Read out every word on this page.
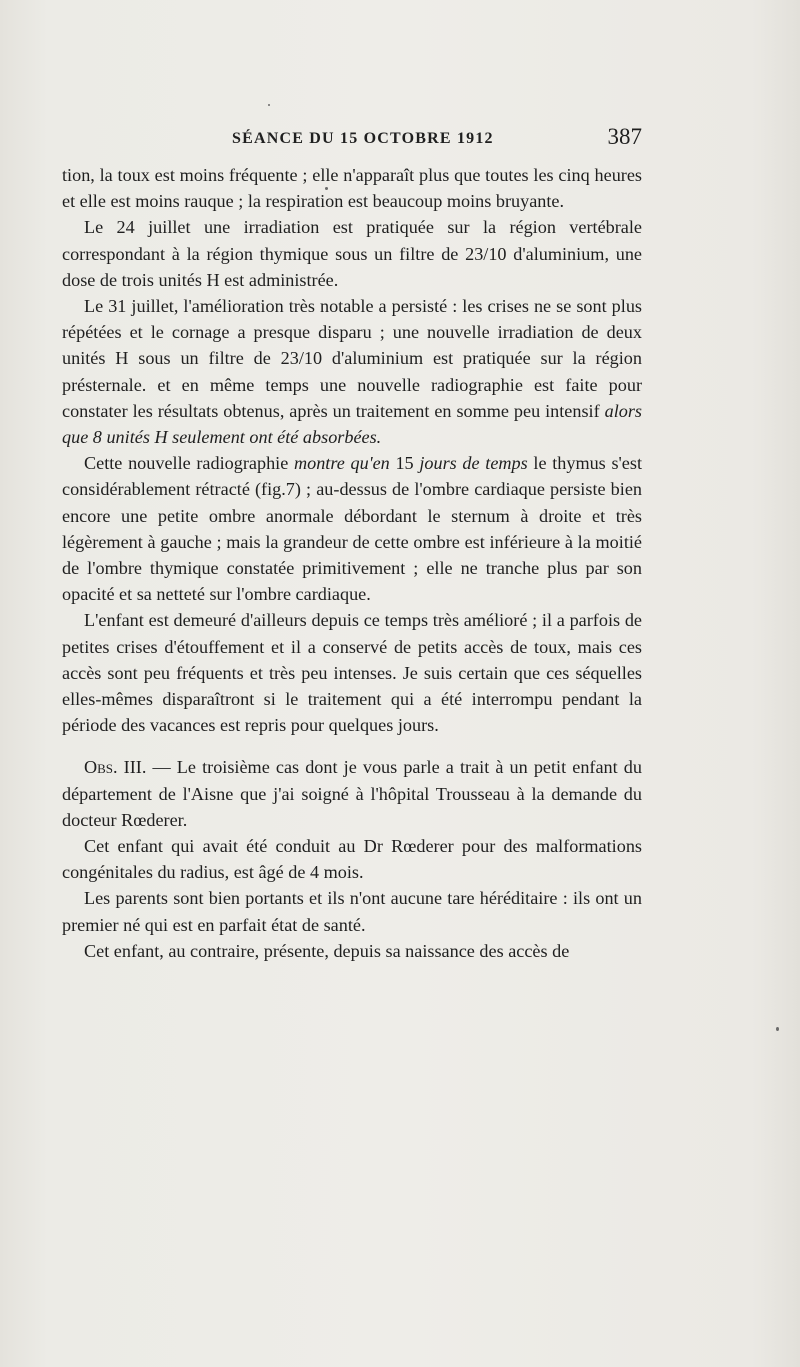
SÉANCE DU 15 OCTOBRE 1912	387

tion, la toux est moins fréquente ; elle n'apparaît plus que toutes les cinq heures et elle est moins rauque ; la respiration est beaucoup moins bruyante.

Le 24 juillet une irradiation est pratiquée sur la région vertébrale correspondant à la région thymique sous un filtre de 23/10 d'aluminium, une dose de trois unités H est administrée.

Le 31 juillet, l'amélioration très notable a persisté : les crises ne se sont plus répétées et le cornage a presque disparu ; une nouvelle irradiation de deux unités H sous un filtre de 23/10 d'aluminium est pratiquée sur la région présternale. et en même temps une nouvelle radiographie est faite pour constater les résultats obtenus, après un traitement en somme peu intensif alors que 8 unités H seulement ont été absorbées.

Cette nouvelle radiographie montre qu'en 15 jours de temps le thymus s'est considérablement rétracté (fig.7) ; au-dessus de l'ombre cardiaque persiste bien encore une petite ombre anormale débordant le sternum à droite et très légèrement à gauche ; mais la grandeur de cette ombre est inférieure à la moitié de l'ombre thymique constatée primitivement ; elle ne tranche plus par son opacité et sa netteté sur l'ombre cardiaque.

L'enfant est demeuré d'ailleurs depuis ce temps très amélioré ; il a parfois de petites crises d'étouffement et il a conservé de petits accès de toux, mais ces accès sont peu fréquents et très peu intenses. Je suis certain que ces séquelles elles-mêmes disparaîtront si le traitement qui a été interrompu pendant la période des vacances est repris pour quelques jours.

Obs. III. — Le troisième cas dont je vous parle a trait à un petit enfant du département de l'Aisne que j'ai soigné à l'hôpital Trousseau à la demande du docteur Rœderer.

Cet enfant qui avait été conduit au Dr Rœderer pour des malformations congénitales du radius, est âgé de 4 mois.

Les parents sont bien portants et ils n'ont aucune tare héréditaire : ils ont un premier né qui est en parfait état de santé.

Cet enfant, au contraire, présente, depuis sa naissance des accès de
